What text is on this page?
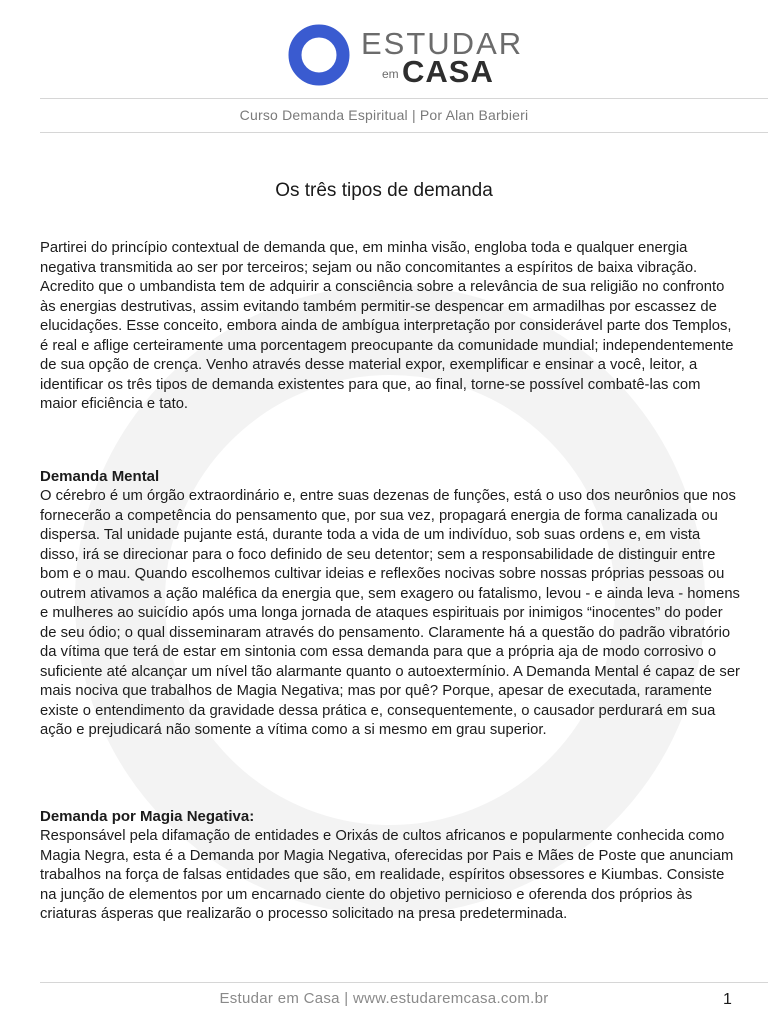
ESTUDAR
em CASA
Curso Demanda Espiritual | Por Alan Barbieri
Os três tipos de demanda
Partirei do princípio contextual de demanda que, em minha visão, engloba toda e qualquer energia negativa transmitida ao ser por terceiros; sejam ou não concomitantes a espíritos de baixa vibração. Acredito que o umbandista tem de adquirir a consciência sobre a relevância de sua religião no confronto às energias destrutivas, assim evitando também permitir-se despencar em armadilhas por escassez de elucidações. Esse conceito, embora ainda de ambígua interpretação por considerável parte dos Templos, é real e aflige certeiramente uma porcentagem preocupante da comunidade mundial; independentemente de sua opção de crença. Venho através desse material expor, exemplificar e ensinar a você, leitor, a identificar os três tipos de demanda existentes para que, ao final, torne-se possível combatê-las com maior eficiência e tato.
Demanda Mental
O cérebro é um órgão extraordinário e, entre suas dezenas de funções, está o uso dos neurônios que nos fornecerão a competência do pensamento que, por sua vez, propagará energia de forma canalizada ou dispersa. Tal unidade pujante está, durante toda a vida de um indivíduo, sob suas ordens e, em vista disso, irá se direcionar para o foco definido de seu detentor; sem a responsabilidade de distinguir entre bom e o mau. Quando escolhemos cultivar ideias e reflexões nocivas sobre nossas próprias pessoas ou outrem ativamos a ação maléfica da energia que, sem exagero ou fatalismo, levou - e ainda leva - homens e mulheres ao suicídio após uma longa jornada de ataques espirituais por inimigos “inocentes” do poder de seu ódio; o qual disseminaram através do pensamento. Claramente há a questão do padrão vibratório da vítima que terá de estar em sintonia com essa demanda para que a própria aja de modo corrosivo o suficiente até alcançar um nível tão alarmante quanto o autoextermínio. A Demanda Mental é capaz de ser mais nociva que trabalhos de Magia Negativa; mas por quê? Porque, apesar de executada, raramente existe o entendimento da gravidade dessa prática e, consequentemente, o causador perdurará em sua ação e prejudicará não somente a vítima como a si mesmo em grau superior.
Demanda por Magia Negativa:
Responsável pela difamação de entidades e Orixás de cultos africanos e popularmente conhecida como Magia Negra, esta é a Demanda por Magia Negativa, oferecidas por Pais e Mães de Poste que anunciam trabalhos na força de falsas entidades que são, em realidade, espíritos obsessores e Kiumbas. Consiste na junção de elementos por um encarnado ciente do objetivo pernicioso e oferenda dos próprios às criaturas ásperas que realizarão o processo solicitado na presa predeterminada.
Estudar em Casa | www.estudaremcasa.com.br	1
